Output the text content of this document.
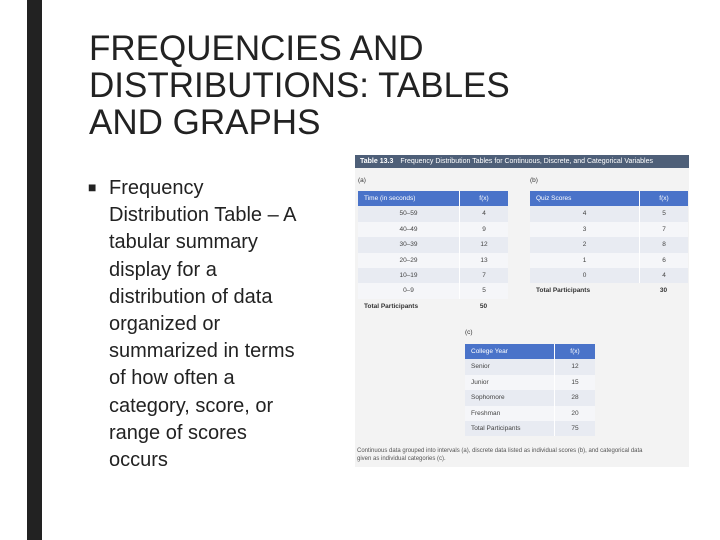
FREQUENCIES AND
DISTRIBUTIONS: TABLES
AND GRAPHS
■ Frequency
Distribution Table – A
tabular summary
display for a
distribution of data
organized or
summarized in terms
of how often a
category, score, or
range of scores
occurs
Table 13.3 Frequency Distribution Tables for Continuous, Discrete, and Categorical Variables
(a)
Time (in seconds)	f(x)
50–59	4
40–49	9
30–39	12
20–29	13
10–19	7
0–9	5
Total Participants	50
(b)
Quiz Scores	f(x)
4	5
3	7
2	8
1	6
0	4
Total Participants	30
(c)
College Year	f(x)
Senior	12
Junior	15
Sophomore	28
Freshman	20
Total Participants	75
Continuous data grouped into intervals (a), discrete data listed as individual scores (b), and categorical data
given as individual categories (c).
